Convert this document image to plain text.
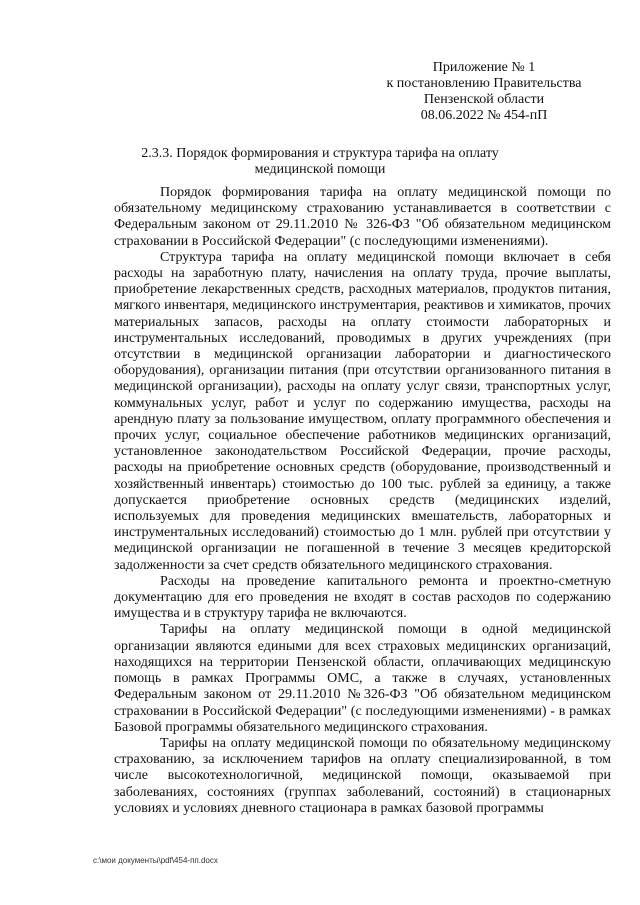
Приложение № 1
к постановлению Правительства
Пензенской области
08.06.2022 № 454-пП
2.3.3. Порядок формирования и структура тарифа на оплату
медицинской помощи

Порядок формирования тарифа на оплату медицинской помощи по обязательному медицинскому страхованию устанавливается в соответствии с Федеральным законом от 29.11.2010 № 326-ФЗ "Об обязательном медицинском страховании в Российской Федерации" (с последующими изменениями).

Структура тарифа на оплату медицинской помощи включает в себя расходы на заработную плату, начисления на оплату труда, прочие выплаты, приобретение лекарственных средств, расходных материалов, продуктов питания, мягкого инвентаря, медицинского инструментария, реактивов и химикатов, прочих материальных запасов, расходы на оплату стоимости лабораторных и инструментальных исследований, проводимых в других учреждениях (при отсутствии в медицинской организации лаборатории и диагностического оборудования), организации питания (при отсутствии организованного питания в медицинской организации), расходы на оплату услуг связи, транспортных услуг, коммунальных услуг, работ и услуг по содержанию имущества, расходы на арендную плату за пользование имуществом, оплату программного обеспечения и прочих услуг, социальное обеспечение работников медицинских организаций, установленное законодательством Российской Федерации, прочие расходы, расходы на приобретение основных средств (оборудование, производственный и хозяйственный инвентарь) стоимостью до 100 тыс. рублей за единицу, а также допускается приобретение основных средств (медицинских изделий, используемых для проведения медицинских вмешательств, лабораторных и инструментальных исследований) стоимостью до 1 млн. рублей при отсутствии у медицинской организации не погашенной в течение 3 месяцев кредиторской задолженности за счет средств обязательного медицинского страхования.

Расходы на проведение капитального ремонта и проектно-сметную документацию для его проведения не входят в состав расходов по содержанию имущества и в структуру тарифа не включаются.

Тарифы на оплату медицинской помощи в одной медицинской организации являются едиными для всех страховых медицинских организаций, находящихся на территории Пензенской области, оплачивающих медицинскую помощь в рамках Программы ОМС, а также в случаях, установленных Федеральным законом от 29.11.2010 №326-ФЗ "Об обязательном медицинском страховании в Российской Федерации" (с последующими изменениями) - в рамках Базовой программы обязательного медицинского страхования.

Тарифы на оплату медицинской помощи по обязательному медицинскому страхованию, за исключением тарифов на оплату специализированной, в том числе высокотехнологичной, медицинской помощи, оказываемой при заболеваниях, состояниях (группах заболеваний, состояний) в стационарных условиях и условиях дневного стационара в рамках базовой программы

c:\мои документы\pdf\454-пп.docx
